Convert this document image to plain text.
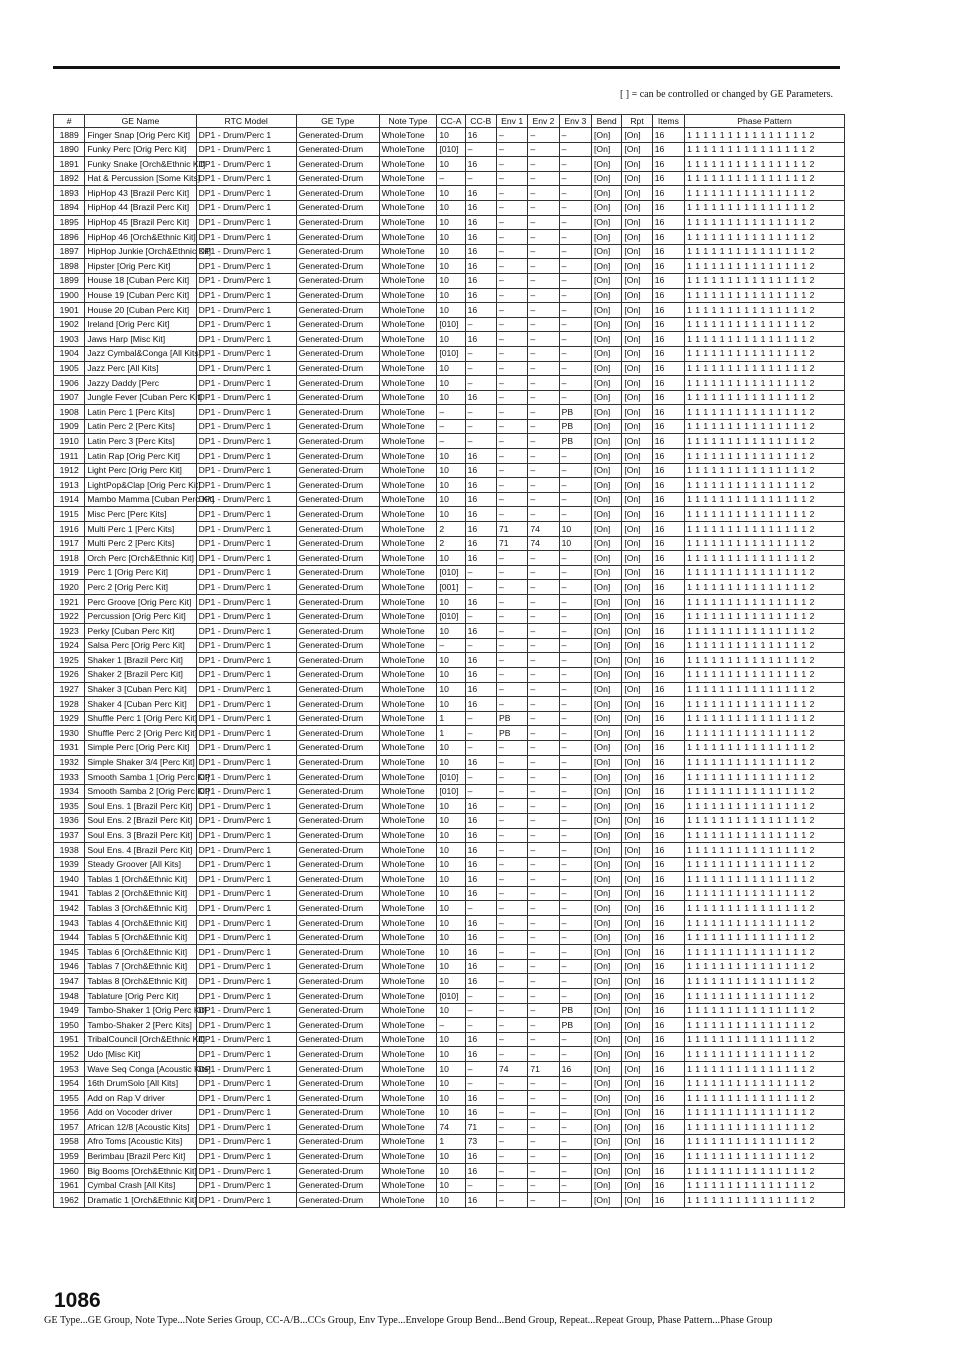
[ ] = can be controlled or changed by GE Parameters.
#	GE Name	RTC Model	GE Type	Note Type	CC-A	CC-B	Env 1	Env 2	Env 3	Bend	Rpt	Items	Phase Pattern
1889	Finger Snap [Orig Perc Kit]	DP1 - Drum/Perc 1	Generated-Drum	WholeTone	10	16	–	–	–	[On]	[On]	16	1 1 1 1 1 1 1 1 1 1 1 1 1 1 1 2
1890	Funky Perc [Orig Perc Kit]	DP1 - Drum/Perc 1	Generated-Drum	WholeTone	[010]	–	–	–	–	[On]	[On]	16	1 1 1 1 1 1 1 1 1 1 1 1 1 1 1 2
1891	Funky Snake [Orch&Ethnic Kit]	DP1 - Drum/Perc 1	Generated-Drum	WholeTone	10	16	–	–	–	[On]	[On]	16	1 1 1 1 1 1 1 1 1 1 1 1 1 1 1 2
1892	Hat & Percussion [Some Kits]	DP1 - Drum/Perc 1	Generated-Drum	WholeTone	–	–	–	–	–	[On]	[On]	16	1 1 1 1 1 1 1 1 1 1 1 1 1 1 1 2
1893	HipHop 43 [Brazil Perc Kit]	DP1 - Drum/Perc 1	Generated-Drum	WholeTone	10	16	–	–	–	[On]	[On]	16	1 1 1 1 1 1 1 1 1 1 1 1 1 1 1 2
1894	HipHop 44 [Brazil Perc Kit]	DP1 - Drum/Perc 1	Generated-Drum	WholeTone	10	16	–	–	–	[On]	[On]	16	1 1 1 1 1 1 1 1 1 1 1 1 1 1 1 2
1895	HipHop 45 [Brazil Perc Kit]	DP1 - Drum/Perc 1	Generated-Drum	WholeTone	10	16	–	–	–	[On]	[On]	16	1 1 1 1 1 1 1 1 1 1 1 1 1 1 1 2
1896	HipHop 46 [Orch&Ethnic Kit]	DP1 - Drum/Perc 1	Generated-Drum	WholeTone	10	16	–	–	–	[On]	[On]	16	1 1 1 1 1 1 1 1 1 1 1 1 1 1 1 2
1897	HipHop Junkie [Orch&Ethnic Kit]	DP1 - Drum/Perc 1	Generated-Drum	WholeTone	10	16	–	–	–	[On]	[On]	16	1 1 1 1 1 1 1 1 1 1 1 1 1 1 1 2
1898	Hipster [Orig Perc Kit]	DP1 - Drum/Perc 1	Generated-Drum	WholeTone	10	16	–	–	–	[On]	[On]	16	1 1 1 1 1 1 1 1 1 1 1 1 1 1 1 2
1899	House 18 [Cuban Perc Kit]	DP1 - Drum/Perc 1	Generated-Drum	WholeTone	10	16	–	–	–	[On]	[On]	16	1 1 1 1 1 1 1 1 1 1 1 1 1 1 1 2
1900	House 19 [Cuban Perc Kit]	DP1 - Drum/Perc 1	Generated-Drum	WholeTone	10	16	–	–	–	[On]	[On]	16	1 1 1 1 1 1 1 1 1 1 1 1 1 1 1 2
1901	House 20 [Cuban Perc Kit]	DP1 - Drum/Perc 1	Generated-Drum	WholeTone	10	16	–	–	–	[On]	[On]	16	1 1 1 1 1 1 1 1 1 1 1 1 1 1 1 2
1902	Ireland [Orig Perc Kit]	DP1 - Drum/Perc 1	Generated-Drum	WholeTone	[010]	–	–	–	–	[On]	[On]	16	1 1 1 1 1 1 1 1 1 1 1 1 1 1 1 2
1903	Jaws Harp [Misc Kit]	DP1 - Drum/Perc 1	Generated-Drum	WholeTone	10	16	–	–	–	[On]	[On]	16	1 1 1 1 1 1 1 1 1 1 1 1 1 1 1 2
1904	Jazz Cymbal&Conga [All Kits]	DP1 - Drum/Perc 1	Generated-Drum	WholeTone	[010]	–	–	–	–	[On]	[On]	16	1 1 1 1 1 1 1 1 1 1 1 1 1 1 1 2
1905	Jazz Perc [All Kits]	DP1 - Drum/Perc 1	Generated-Drum	WholeTone	10	–	–	–	–	[On]	[On]	16	1 1 1 1 1 1 1 1 1 1 1 1 1 1 1 2
1906	Jazzy Daddy [Perc	DP1 - Drum/Perc 1	Generated-Drum	WholeTone	10	–	–	–	–	[On]	[On]	16	1 1 1 1 1 1 1 1 1 1 1 1 1 1 1 2
1907	Jungle Fever [Cuban Perc Kit]	DP1 - Drum/Perc 1	Generated-Drum	WholeTone	10	16	–	–	–	[On]	[On]	16	1 1 1 1 1 1 1 1 1 1 1 1 1 1 1 2
1908	Latin Perc 1 [Perc Kits]	DP1 - Drum/Perc 1	Generated-Drum	WholeTone	–	–	–	–	PB	[On]	[On]	16	1 1 1 1 1 1 1 1 1 1 1 1 1 1 1 2
1909	Latin Perc 2 [Perc Kits]	DP1 - Drum/Perc 1	Generated-Drum	WholeTone	–	–	–	–	PB	[On]	[On]	16	1 1 1 1 1 1 1 1 1 1 1 1 1 1 1 2
1910	Latin Perc 3 [Perc Kits]	DP1 - Drum/Perc 1	Generated-Drum	WholeTone	–	–	–	–	PB	[On]	[On]	16	1 1 1 1 1 1 1 1 1 1 1 1 1 1 1 2
1911	Latin Rap [Orig Perc Kit]	DP1 - Drum/Perc 1	Generated-Drum	WholeTone	10	16	–	–	–	[On]	[On]	16	1 1 1 1 1 1 1 1 1 1 1 1 1 1 1 2
1912	Light Perc [Orig Perc Kit]	DP1 - Drum/Perc 1	Generated-Drum	WholeTone	10	16	–	–	–	[On]	[On]	16	1 1 1 1 1 1 1 1 1 1 1 1 1 1 1 2
1913	LightPop&Clap [Orig Perc Kit]	DP1 - Drum/Perc 1	Generated-Drum	WholeTone	10	16	–	–	–	[On]	[On]	16	1 1 1 1 1 1 1 1 1 1 1 1 1 1 1 2
1914	Mambo Mamma [Cuban Perc Kit]	DP1 - Drum/Perc 1	Generated-Drum	WholeTone	10	16	–	–	–	[On]	[On]	16	1 1 1 1 1 1 1 1 1 1 1 1 1 1 1 2
1915	Misc Perc [Perc Kits]	DP1 - Drum/Perc 1	Generated-Drum	WholeTone	10	16	–	–	–	[On]	[On]	16	1 1 1 1 1 1 1 1 1 1 1 1 1 1 1 2
1916	Multi Perc 1 [Perc Kits]	DP1 - Drum/Perc 1	Generated-Drum	WholeTone	2	16	71	74	10	[On]	[On]	16	1 1 1 1 1 1 1 1 1 1 1 1 1 1 1 2
1917	Multi Perc 2 [Perc Kits]	DP1 - Drum/Perc 1	Generated-Drum	WholeTone	2	16	71	74	10	[On]	[On]	16	1 1 1 1 1 1 1 1 1 1 1 1 1 1 1 2
1918	Orch Perc [Orch&Ethnic Kit]	DP1 - Drum/Perc 1	Generated-Drum	WholeTone	10	16	–	–	–	[On]	[On]	16	1 1 1 1 1 1 1 1 1 1 1 1 1 1 1 2
1919	Perc 1 [Orig Perc Kit]	DP1 - Drum/Perc 1	Generated-Drum	WholeTone	[010]	–	–	–	–	[On]	[On]	16	1 1 1 1 1 1 1 1 1 1 1 1 1 1 1 2
1920	Perc 2 [Orig Perc Kit]	DP1 - Drum/Perc 1	Generated-Drum	WholeTone	[001]	–	–	–	–	[On]	[On]	16	1 1 1 1 1 1 1 1 1 1 1 1 1 1 1 2
1921	Perc Groove [Orig Perc Kit]	DP1 - Drum/Perc 1	Generated-Drum	WholeTone	10	16	–	–	–	[On]	[On]	16	1 1 1 1 1 1 1 1 1 1 1 1 1 1 1 2
1922	Percussion [Orig Perc Kit]	DP1 - Drum/Perc 1	Generated-Drum	WholeTone	[010]	–	–	–	–	[On]	[On]	16	1 1 1 1 1 1 1 1 1 1 1 1 1 1 1 2
1923	Perky [Cuban Perc Kit]	DP1 - Drum/Perc 1	Generated-Drum	WholeTone	10	16	–	–	–	[On]	[On]	16	1 1 1 1 1 1 1 1 1 1 1 1 1 1 1 2
1924	Salsa Perc [Orig Perc Kit]	DP1 - Drum/Perc 1	Generated-Drum	WholeTone	–	–	–	–	–	[On]	[On]	16	1 1 1 1 1 1 1 1 1 1 1 1 1 1 1 2
1925	Shaker 1 [Brazil Perc Kit]	DP1 - Drum/Perc 1	Generated-Drum	WholeTone	10	16	–	–	–	[On]	[On]	16	1 1 1 1 1 1 1 1 1 1 1 1 1 1 1 2
1926	Shaker 2 [Brazil Perc Kit]	DP1 - Drum/Perc 1	Generated-Drum	WholeTone	10	16	–	–	–	[On]	[On]	16	1 1 1 1 1 1 1 1 1 1 1 1 1 1 1 2
1927	Shaker 3 [Cuban Perc Kit]	DP1 - Drum/Perc 1	Generated-Drum	WholeTone	10	16	–	–	–	[On]	[On]	16	1 1 1 1 1 1 1 1 1 1 1 1 1 1 1 2
1928	Shaker 4 [Cuban Perc Kit]	DP1 - Drum/Perc 1	Generated-Drum	WholeTone	10	16	–	–	–	[On]	[On]	16	1 1 1 1 1 1 1 1 1 1 1 1 1 1 1 2
1929	Shuffle Perc 1 [Orig Perc Kit]	DP1 - Drum/Perc 1	Generated-Drum	WholeTone	1	–	PB	–	–	[On]	[On]	16	1 1 1 1 1 1 1 1 1 1 1 1 1 1 1 2
1930	Shuffle Perc 2 [Orig Perc Kit]	DP1 - Drum/Perc 1	Generated-Drum	WholeTone	1	–	PB	–	–	[On]	[On]	16	1 1 1 1 1 1 1 1 1 1 1 1 1 1 1 2
1931	Simple Perc [Orig Perc Kit]	DP1 - Drum/Perc 1	Generated-Drum	WholeTone	10	–	–	–	–	[On]	[On]	16	1 1 1 1 1 1 1 1 1 1 1 1 1 1 1 2
1932	Simple Shaker 3/4 [Perc Kit]	DP1 - Drum/Perc 1	Generated-Drum	WholeTone	10	16	–	–	–	[On]	[On]	16	1 1 1 1 1 1 1 1 1 1 1 1 1 1 1 2
1933	Smooth Samba 1 [Orig Perc Kit]	DP1 - Drum/Perc 1	Generated-Drum	WholeTone	[010]	–	–	–	–	[On]	[On]	16	1 1 1 1 1 1 1 1 1 1 1 1 1 1 1 2
1934	Smooth Samba 2 [Orig Perc Kit]	DP1 - Drum/Perc 1	Generated-Drum	WholeTone	[010]	–	–	–	–	[On]	[On]	16	1 1 1 1 1 1 1 1 1 1 1 1 1 1 1 2
1935	Soul Ens. 1 [Brazil Perc Kit]	DP1 - Drum/Perc 1	Generated-Drum	WholeTone	10	16	–	–	–	[On]	[On]	16	1 1 1 1 1 1 1 1 1 1 1 1 1 1 1 2
1936	Soul Ens. 2 [Brazil Perc Kit]	DP1 - Drum/Perc 1	Generated-Drum	WholeTone	10	16	–	–	–	[On]	[On]	16	1 1 1 1 1 1 1 1 1 1 1 1 1 1 1 2
1937	Soul Ens. 3 [Brazil Perc Kit]	DP1 - Drum/Perc 1	Generated-Drum	WholeTone	10	16	–	–	–	[On]	[On]	16	1 1 1 1 1 1 1 1 1 1 1 1 1 1 1 2
1938	Soul Ens. 4 [Brazil Perc Kit]	DP1 - Drum/Perc 1	Generated-Drum	WholeTone	10	16	–	–	–	[On]	[On]	16	1 1 1 1 1 1 1 1 1 1 1 1 1 1 1 2
1939	Steady Groover [All Kits]	DP1 - Drum/Perc 1	Generated-Drum	WholeTone	10	16	–	–	–	[On]	[On]	16	1 1 1 1 1 1 1 1 1 1 1 1 1 1 1 2
1940	Tablas 1 [Orch&Ethnic Kit]	DP1 - Drum/Perc 1	Generated-Drum	WholeTone	10	16	–	–	–	[On]	[On]	16	1 1 1 1 1 1 1 1 1 1 1 1 1 1 1 2
1941	Tablas 2 [Orch&Ethnic Kit]	DP1 - Drum/Perc 1	Generated-Drum	WholeTone	10	16	–	–	–	[On]	[On]	16	1 1 1 1 1 1 1 1 1 1 1 1 1 1 1 2
1942	Tablas 3 [Orch&Ethnic Kit]	DP1 - Drum/Perc 1	Generated-Drum	WholeTone	10	–	–	–	–	[On]	[On]	16	1 1 1 1 1 1 1 1 1 1 1 1 1 1 1 2
1943	Tablas 4 [Orch&Ethnic Kit]	DP1 - Drum/Perc 1	Generated-Drum	WholeTone	10	16	–	–	–	[On]	[On]	16	1 1 1 1 1 1 1 1 1 1 1 1 1 1 1 2
1944	Tablas 5 [Orch&Ethnic Kit]	DP1 - Drum/Perc 1	Generated-Drum	WholeTone	10	16	–	–	–	[On]	[On]	16	1 1 1 1 1 1 1 1 1 1 1 1 1 1 1 2
1945	Tablas 6 [Orch&Ethnic Kit]	DP1 - Drum/Perc 1	Generated-Drum	WholeTone	10	16	–	–	–	[On]	[On]	16	1 1 1 1 1 1 1 1 1 1 1 1 1 1 1 2
1946	Tablas 7 [Orch&Ethnic Kit]	DP1 - Drum/Perc 1	Generated-Drum	WholeTone	10	16	–	–	–	[On]	[On]	16	1 1 1 1 1 1 1 1 1 1 1 1 1 1 1 2
1947	Tablas 8 [Orch&Ethnic Kit]	DP1 - Drum/Perc 1	Generated-Drum	WholeTone	10	16	–	–	–	[On]	[On]	16	1 1 1 1 1 1 1 1 1 1 1 1 1 1 1 2
1948	Tablature [Orig Perc Kit]	DP1 - Drum/Perc 1	Generated-Drum	WholeTone	[010]	–	–	–	–	[On]	[On]	16	1 1 1 1 1 1 1 1 1 1 1 1 1 1 1 2
1949	Tambo-Shaker 1 [Orig Perc Kit]	DP1 - Drum/Perc 1	Generated-Drum	WholeTone	10	–	–	–	PB	[On]	[On]	16	1 1 1 1 1 1 1 1 1 1 1 1 1 1 1 2
1950	Tambo-Shaker 2 [Perc Kits]	DP1 - Drum/Perc 1	Generated-Drum	WholeTone	–	–	–	–	PB	[On]	[On]	16	1 1 1 1 1 1 1 1 1 1 1 1 1 1 1 2
1951	TribalCouncil [Orch&Ethnic Kit]	DP1 - Drum/Perc 1	Generated-Drum	WholeTone	10	16	–	–	–	[On]	[On]	16	1 1 1 1 1 1 1 1 1 1 1 1 1 1 1 2
1952	Udo [Misc Kit]	DP1 - Drum/Perc 1	Generated-Drum	WholeTone	10	16	–	–	–	[On]	[On]	16	1 1 1 1 1 1 1 1 1 1 1 1 1 1 1 2
1953	Wave Seq Conga [Acoustic Kits]	DP1 - Drum/Perc 1	Generated-Drum	WholeTone	10	–	74	71	16	[On]	[On]	16	1 1 1 1 1 1 1 1 1 1 1 1 1 1 1 2
1954	16th DrumSolo [All Kits]	DP1 - Drum/Perc 1	Generated-Drum	WholeTone	10	–	–	–	–	[On]	[On]	16	1 1 1 1 1 1 1 1 1 1 1 1 1 1 1 2
1955	Add on Rap V driver	DP1 - Drum/Perc 1	Generated-Drum	WholeTone	10	16	–	–	–	[On]	[On]	16	1 1 1 1 1 1 1 1 1 1 1 1 1 1 1 2
1956	Add on Vocoder driver	DP1 - Drum/Perc 1	Generated-Drum	WholeTone	10	16	–	–	–	[On]	[On]	16	1 1 1 1 1 1 1 1 1 1 1 1 1 1 1 2
1957	African 12/8 [Acoustic Kits]	DP1 - Drum/Perc 1	Generated-Drum	WholeTone	74	71	–	–	–	[On]	[On]	16	1 1 1 1 1 1 1 1 1 1 1 1 1 1 1 2
1958	Afro Toms [Acoustic Kits]	DP1 - Drum/Perc 1	Generated-Drum	WholeTone	1	73	–	–	–	[On]	[On]	16	1 1 1 1 1 1 1 1 1 1 1 1 1 1 1 2
1959	Berimbau [Brazil Perc Kit]	DP1 - Drum/Perc 1	Generated-Drum	WholeTone	10	16	–	–	–	[On]	[On]	16	1 1 1 1 1 1 1 1 1 1 1 1 1 1 1 2
1960	Big Booms [Orch&Ethnic Kit]	DP1 - Drum/Perc 1	Generated-Drum	WholeTone	10	16	–	–	–	[On]	[On]	16	1 1 1 1 1 1 1 1 1 1 1 1 1 1 1 2
1961	Cymbal Crash [All Kits]	DP1 - Drum/Perc 1	Generated-Drum	WholeTone	10	–	–	–	–	[On]	[On]	16	1 1 1 1 1 1 1 1 1 1 1 1 1 1 1 2
1962	Dramatic 1 [Orch&Ethnic Kit]	DP1 - Drum/Perc 1	Generated-Drum	WholeTone	10	16	–	–	–	[On]	[On]	16	1 1 1 1 1 1 1 1 1 1 1 1 1 1 1 2
1086
GE Type...GE Group, Note Type...Note Series Group, CC-A/B...CCs Group, Env Type...Envelope Group Bend...Bend Group, Repeat...Repeat Group, Phase Pattern...Phase Group
